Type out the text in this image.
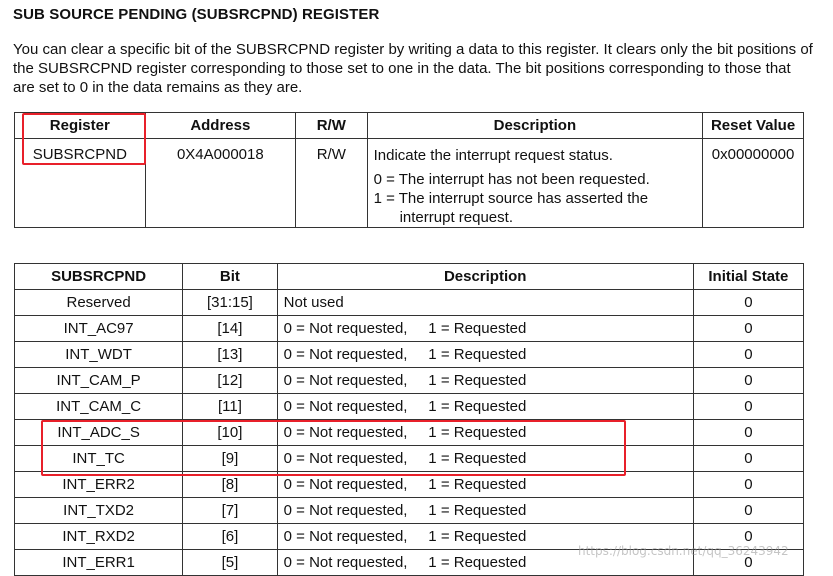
SUB SOURCE PENDING (SUBSRCPND) REGISTER

You can clear a specific bit of the SUBSRCPND register by writing a data to this register. It clears only the bit positions of the SUBSRCPND register corresponding to those set to one in the data. The bit positions corresponding to those that are set to 0 in the data remains as they are.

Register	Address	R/W	Description	Reset Value

SUBSRCPND	0X4A000018	R/W	Indicate the interrupt request status.
0 = The interrupt has not been requested.
1 = The interrupt source has asserted the
interrupt request.	0x00000000
SUBSRCPND	Bit	Description	Initial State
Reserved	[31:15]	Not used	0
INT_AC97	[14]	0 = Not requested,     1 = Requested	0
INT_WDT	[13]	0 = Not requested,     1 = Requested	0
INT_CAM_P	[12]	0 = Not requested,     1 = Requested	0
INT_CAM_C	[11]	0 = Not requested,     1 = Requested	0
INT_ADC_S	[10]	0 = Not requested,     1 = Requested	0
INT_TC	[9]	0 = Not requested,     1 = Requested	0
INT_ERR2	[8]	0 = Not requested,     1 = Requested	0
INT_TXD2	[7]	0 = Not requested,     1 = Requested	0
INT_RXD2	[6]	0 = Not requested,     1 = Requested	0
INT_ERR1	[5]	0 = Not requested,     1 = Requested	0
https://blog.csdn.net/qq_36243942
